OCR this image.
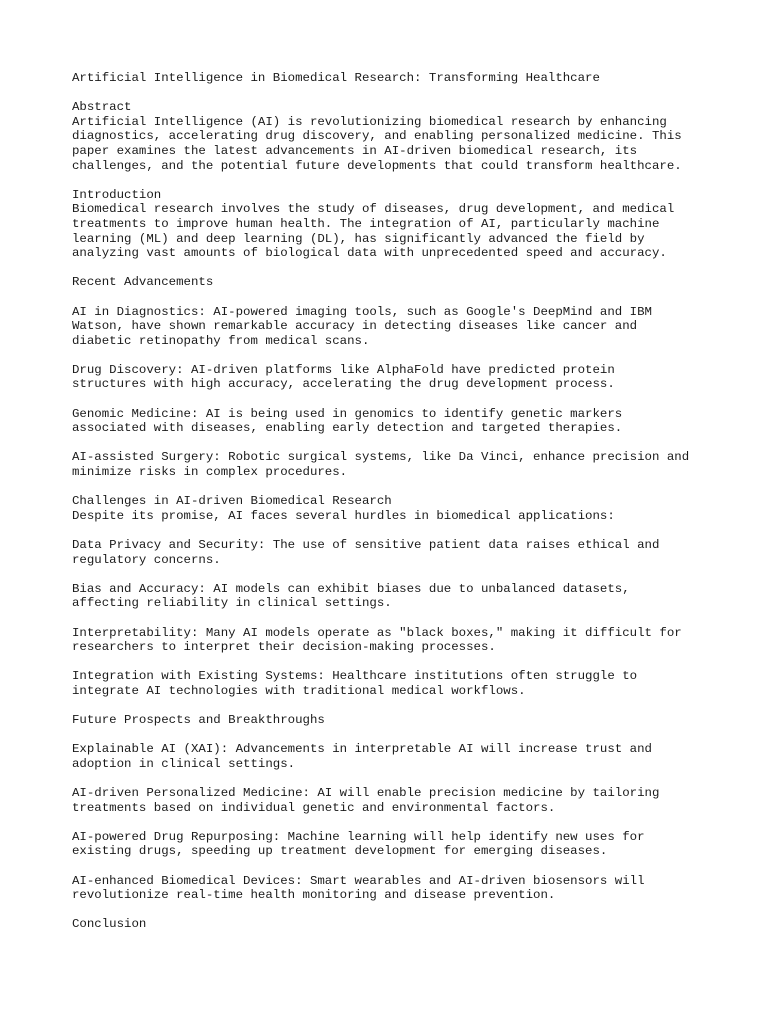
Artificial Intelligence in Biomedical Research: Transforming Healthcare
Abstract
Artificial Intelligence (AI) is revolutionizing biomedical research by enhancing
diagnostics, accelerating drug discovery, and enabling personalized medicine. This
paper examines the latest advancements in AI-driven biomedical research, its
challenges, and the potential future developments that could transform healthcare.
Introduction
Biomedical research involves the study of diseases, drug development, and medical
treatments to improve human health. The integration of AI, particularly machine
learning (ML) and deep learning (DL), has significantly advanced the field by
analyzing vast amounts of biological data with unprecedented speed and accuracy.
Recent Advancements
AI in Diagnostics: AI-powered imaging tools, such as Google's DeepMind and IBM
Watson, have shown remarkable accuracy in detecting diseases like cancer and
diabetic retinopathy from medical scans.
Drug Discovery: AI-driven platforms like AlphaFold have predicted protein
structures with high accuracy, accelerating the drug development process.
Genomic Medicine: AI is being used in genomics to identify genetic markers
associated with diseases, enabling early detection and targeted therapies.
AI-assisted Surgery: Robotic surgical systems, like Da Vinci, enhance precision and
minimize risks in complex procedures.
Challenges in AI-driven Biomedical Research
Despite its promise, AI faces several hurdles in biomedical applications:
Data Privacy and Security: The use of sensitive patient data raises ethical and
regulatory concerns.
Bias and Accuracy: AI models can exhibit biases due to unbalanced datasets,
affecting reliability in clinical settings.
Interpretability: Many AI models operate as "black boxes," making it difficult for
researchers to interpret their decision-making processes.
Integration with Existing Systems: Healthcare institutions often struggle to
integrate AI technologies with traditional medical workflows.
Future Prospects and Breakthroughs
Explainable AI (XAI): Advancements in interpretable AI will increase trust and
adoption in clinical settings.
AI-driven Personalized Medicine: AI will enable precision medicine by tailoring
treatments based on individual genetic and environmental factors.
AI-powered Drug Repurposing: Machine learning will help identify new uses for
existing drugs, speeding up treatment development for emerging diseases.
AI-enhanced Biomedical Devices: Smart wearables and AI-driven biosensors will
revolutionize real-time health monitoring and disease prevention.
Conclusion
